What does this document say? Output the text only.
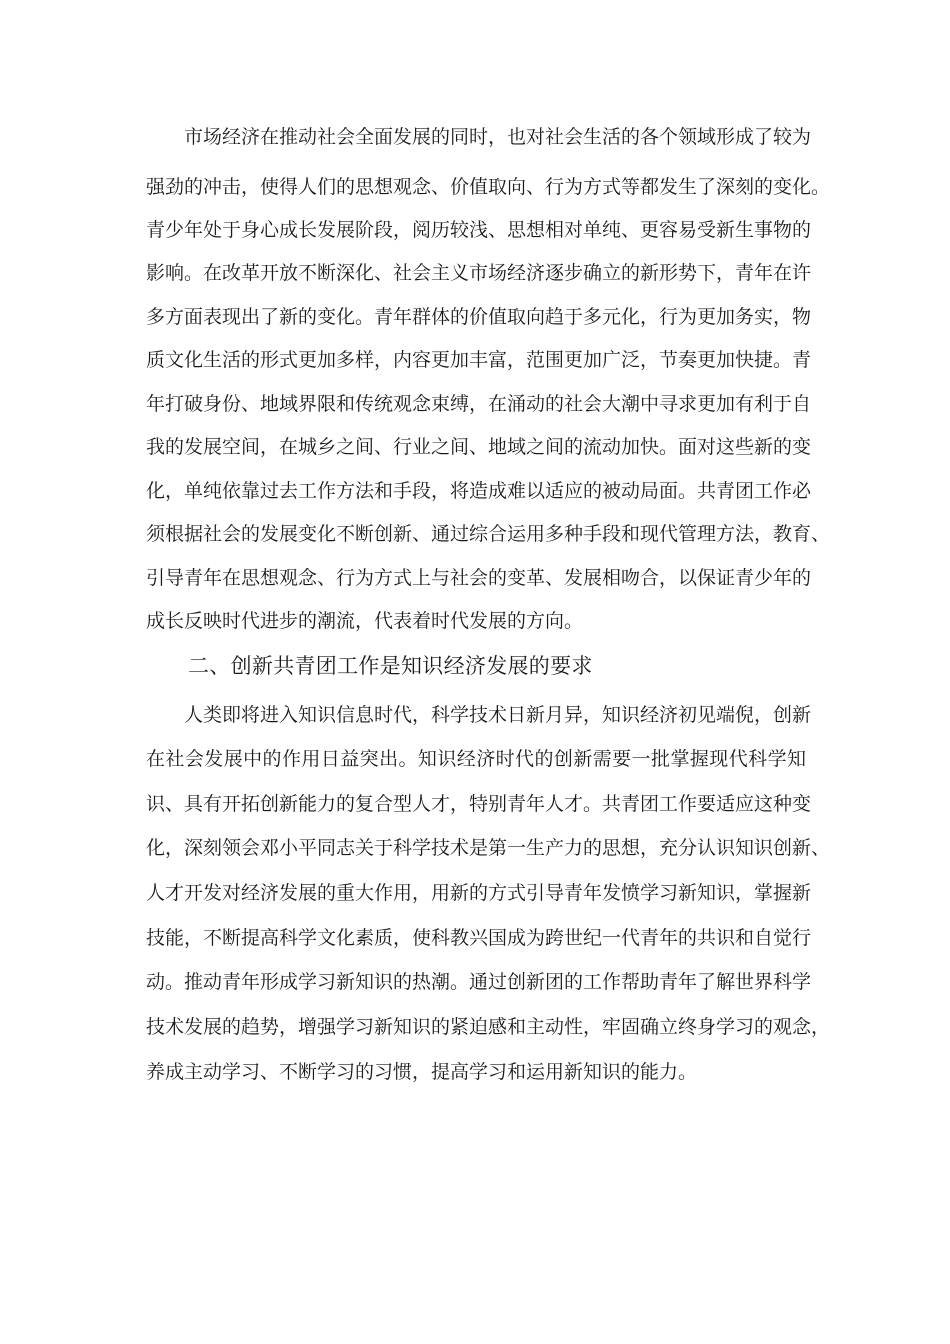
市场经济在推动社会全面发展的同时，也对社会生活的各个领域形成了较为
强劲的冲击，使得人们的思想观念、价值取向、行为方式等都发生了深刻的变化。
青少年处于身心成长发展阶段，阅历较浅、思想相对单纯、更容易受新生事物的
影响。在改革开放不断深化、社会主义市场经济逐步确立的新形势下，青年在许
多方面表现出了新的变化。青年群体的价值取向趋于多元化，行为更加务实，物
质文化生活的形式更加多样，内容更加丰富，范围更加广泛，节奏更加快捷。青
年打破身份、地域界限和传统观念束缚，在涌动的社会大潮中寻求更加有利于自
我的发展空间，在城乡之间、行业之间、地域之间的流动加快。面对这些新的变
化，单纯依靠过去工作方法和手段，将造成难以适应的被动局面。共青团工作必
须根据社会的发展变化不断创新、通过综合运用多种手段和现代管理方法，教育、
引导青年在思想观念、行为方式上与社会的变革、发展相吻合，以保证青少年的
成长反映时代进步的潮流，代表着时代发展的方向。
二、创新共青团工作是知识经济发展的要求
人类即将进入知识信息时代，科学技术日新月异，知识经济初见端倪，创新
在社会发展中的作用日益突出。知识经济时代的创新需要一批掌握现代科学知
识、具有开拓创新能力的复合型人才，特别青年人才。共青团工作要适应这种变
化，深刻领会邓小平同志关于科学技术是第一生产力的思想，充分认识知识创新、
人才开发对经济发展的重大作用，用新的方式引导青年发愤学习新知识，掌握新
技能，不断提高科学文化素质，使科教兴国成为跨世纪一代青年的共识和自觉行
动。推动青年形成学习新知识的热潮。通过创新团的工作帮助青年了解世界科学
技术发展的趋势，增强学习新知识的紧迫感和主动性，牢固确立终身学习的观念，
养成主动学习、不断学习的习惯，提高学习和运用新知识的能力。
